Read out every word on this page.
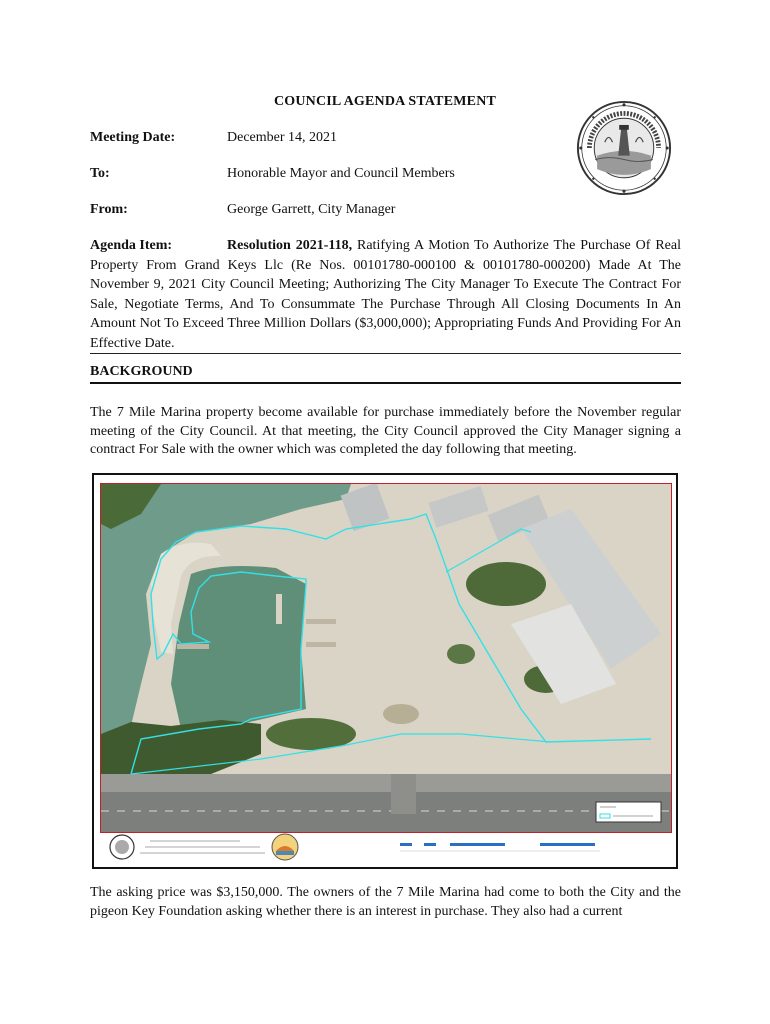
COUNCIL AGENDA STATEMENT
Meeting Date:	December 14, 2021
To:	Honorable Mayor and Council Members
From:	George Garrett, City Manager
Agenda Item:	Resolution 2021-118, Ratifying A Motion To Authorize The Purchase Of Real Property From Grand Keys Llc (Re Nos. 00101780-000100 & 00101780-000200) Made At The November 9, 2021 City Council Meeting; Authorizing The City Manager To Execute The Contract For Sale, Negotiate Terms, And To Consummate The Purchase Through All Closing Documents In An Amount Not To Exceed Three Million Dollars ($3,000,000); Appropriating Funds And Providing For An Effective Date.
BACKGROUND
The 7 Mile Marina property become available for purchase immediately before the November regular meeting of the City Council. At that meeting, the City Council approved the City Manager signing a contract For Sale with the owner which was completed the day following that meeting.
The asking price was $3,150,000. The owners of the 7 Mile Marina had come to both the City and the pigeon Key Foundation asking whether there is an interest in purchase. They also had a current
